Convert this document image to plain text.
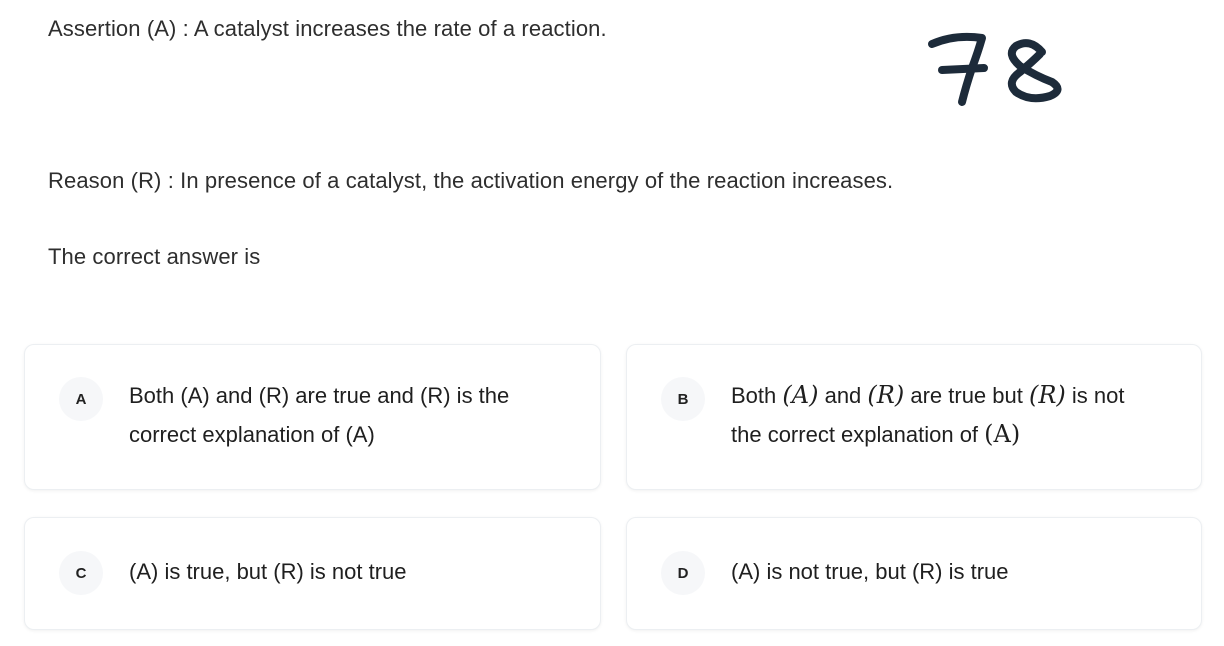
Assertion (A) : A catalyst increases the rate of a reaction.
Reason (R) : In presence of a catalyst, the activation energy of the reaction increases.
The correct answer is
A	Both (A) and (R) are true and (R) is the
correct explanation of (A)
B	Both (A) and (R) are true but (R) is not
the correct explanation of (A)
C	(A) is true, but (R) is not true	D	(A) is not true, but (R) is true
